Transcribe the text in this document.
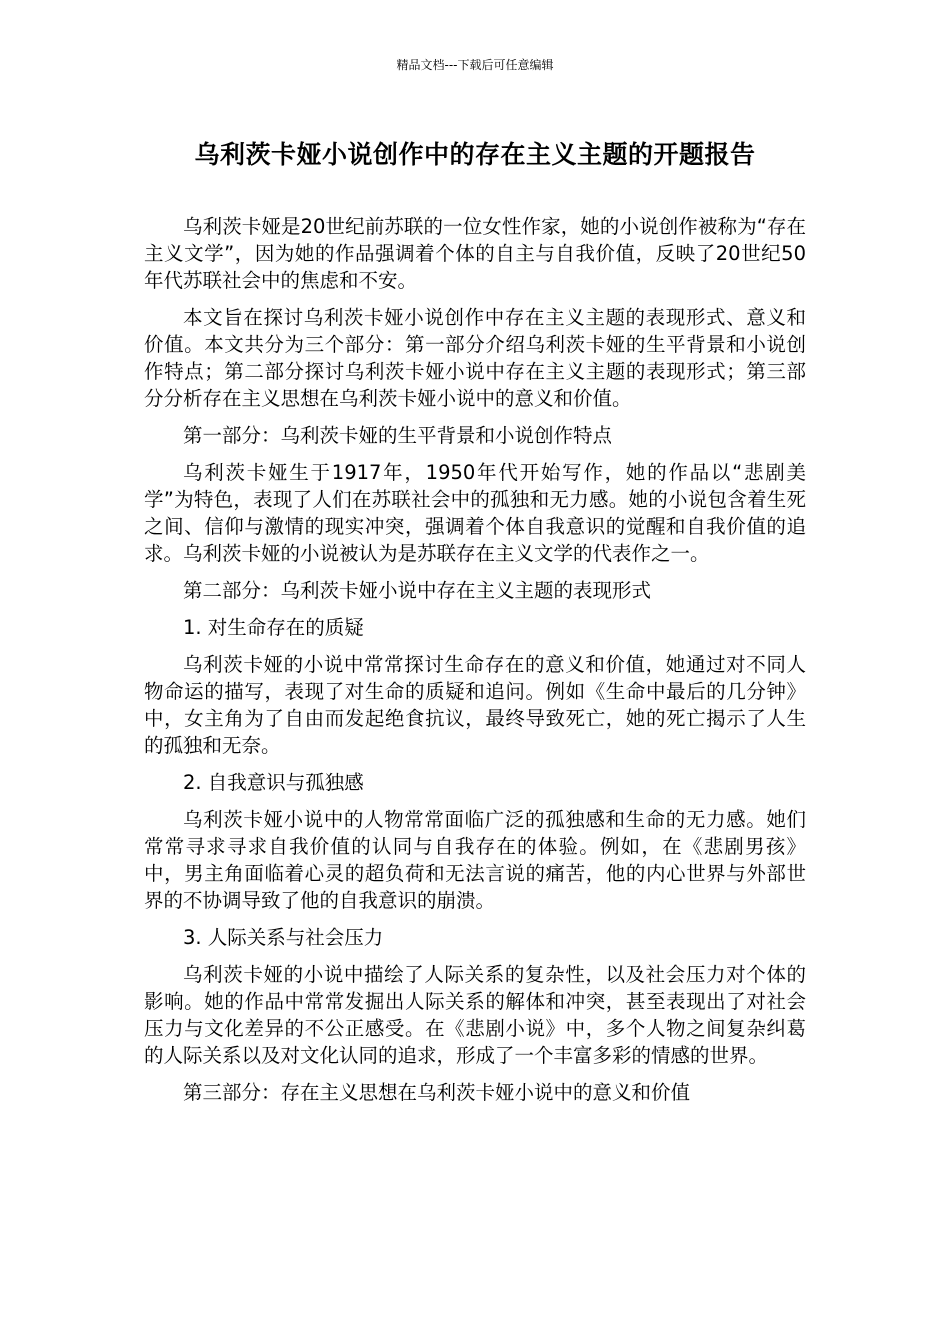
精品文档---下载后可任意编辑
乌利茨卡娅小说创作中的存在主义主题的开题报告

乌利茨卡娅是20世纪前苏联的一位女性作家，她的小说创作被称为“存在主义文学”，因为她的作品强调着个体的自主与自我价值，反映了20世纪50年代苏联社会中的焦虑和不安。

本文旨在探讨乌利茨卡娅小说创作中存在主义主题的表现形式、意义和价值。本文共分为三个部分：第一部分介绍乌利茨卡娅的生平背景和小说创作特点；第二部分探讨乌利茨卡娅小说中存在主义主题的表现形式；第三部分分析存在主义思想在乌利茨卡娅小说中的意义和价值。

第一部分：乌利茨卡娅的生平背景和小说创作特点

乌利茨卡娅生于1917年，1950年代开始写作，她的作品以“悲剧美学”为特色，表现了人们在苏联社会中的孤独和无力感。她的小说包含着生死之间、信仰与激情的现实冲突，强调着个体自我意识的觉醒和自我价值的追求。乌利茨卡娅的小说被认为是苏联存在主义文学的代表作之一。

第二部分：乌利茨卡娅小说中存在主义主题的表现形式

1. 对生命存在的质疑

乌利茨卡娅的小说中常常探讨生命存在的意义和价值，她通过对不同人物命运的描写，表现了对生命的质疑和追问。例如《生命中最后的几分钟》中，女主角为了自由而发起绝食抗议，最终导致死亡，她的死亡揭示了人生的孤独和无奈。

2. 自我意识与孤独感

乌利茨卡娅小说中的人物常常面临广泛的孤独感和生命的无力感。她们常常寻求寻求自我价值的认同与自我存在的体验。例如，在《悲剧男孩》中，男主角面临着心灵的超负荷和无法言说的痛苦，他的内心世界与外部世界的不协调导致了他的自我意识的崩溃。

3. 人际关系与社会压力

乌利茨卡娅的小说中描绘了人际关系的复杂性，以及社会压力对个体的影响。她的作品中常常发掘出人际关系的解体和冲突，甚至表现出了对社会压力与文化差异的不公正感受。在《悲剧小说》中，多个人物之间复杂纠葛的人际关系以及对文化认同的追求，形成了一个丰富多彩的情感的世界。

第三部分：存在主义思想在乌利茨卡娅小说中的意义和价值
